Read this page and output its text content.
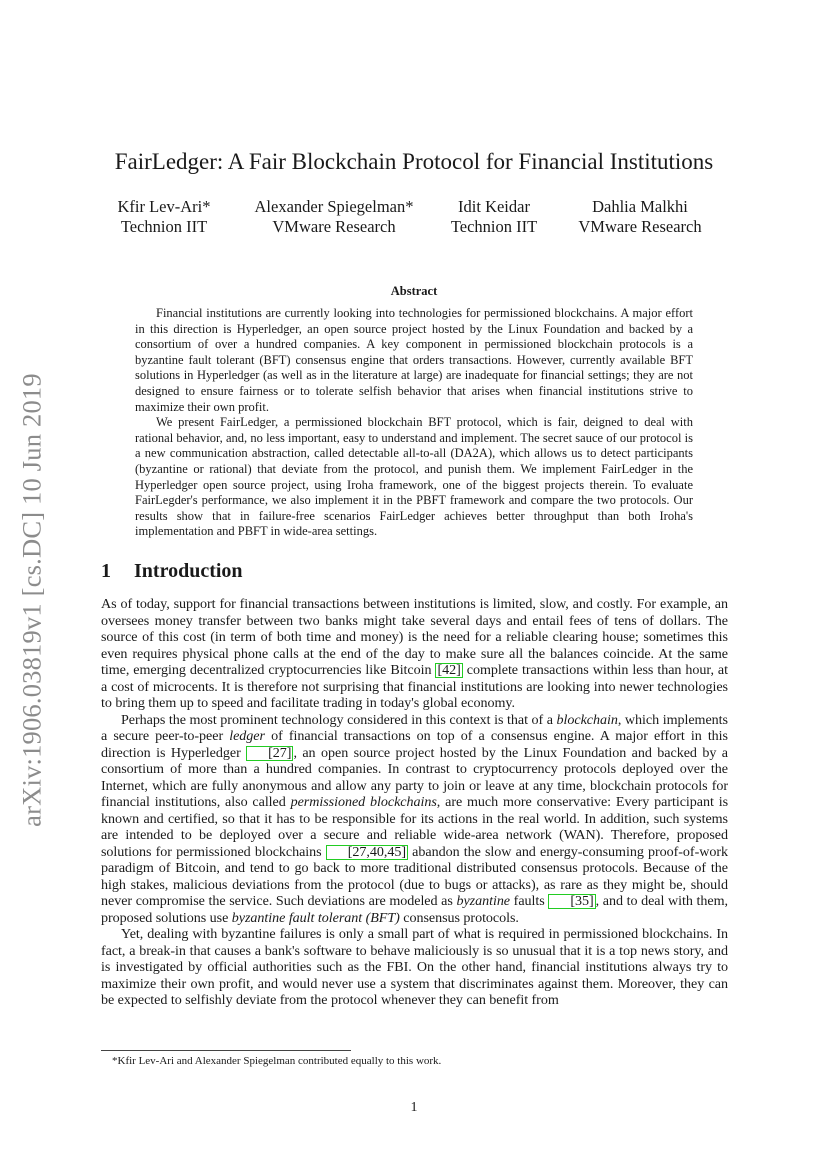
arXiv:1906.03819v1 [cs.DC] 10 Jun 2019
FairLedger: A Fair Blockchain Protocol for Financial Institutions
Kfir Lev-Ari*
Technion IIT
Alexander Spiegelman*
VMware Research
Idit Keidar
Technion IIT
Dahlia Malkhi
VMware Research
Abstract

Financial institutions are currently looking into technologies for permissioned blockchains. A major effort in this direction is Hyperledger, an open source project hosted by the Linux Foundation and backed by a consortium of over a hundred companies. A key component in permissioned blockchain protocols is a byzantine fault tolerant (BFT) consensus engine that orders transactions. However, currently available BFT solutions in Hyperledger (as well as in the literature at large) are inadequate for financial settings; they are not designed to ensure fairness or to tolerate selfish behavior that arises when financial institutions strive to maximize their own profit.

We present FairLedger, a permissioned blockchain BFT protocol, which is fair, deigned to deal with rational behavior, and, no less important, easy to understand and implement. The secret sauce of our protocol is a new communication abstraction, called detectable all-to-all (DA2A), which allows us to detect participants (byzantine or rational) that deviate from the protocol, and punish them. We implement FairLedger in the Hyperledger open source project, using Iroha framework, one of the biggest projects therein. To evaluate FairLegder's performance, we also implement it in the PBFT framework and compare the two protocols. Our results show that in failure-free scenarios FairLedger achieves better throughput than both Iroha's implementation and PBFT in wide-area settings.

1 Introduction

As of today, support for financial transactions between institutions is limited, slow, and costly. For example, an oversees money transfer between two banks might take several days and entail fees of tens of dollars. The source of this cost (in term of both time and money) is the need for a reliable clearing house; sometimes this even requires physical phone calls at the end of the day to make sure all the balances coincide. At the same time, emerging decentralized cryptocurrencies like Bitcoin [42] complete transactions within less than hour, at a cost of microcents. It is therefore not surprising that financial institutions are looking into newer technologies to bring them up to speed and facilitate trading in today's global economy.

Perhaps the most prominent technology considered in this context is that of a blockchain, which implements a secure peer-to-peer ledger of financial transactions on top of a consensus engine. A major effort in this direction is Hyperledger [27] , an open source project hosted by the Linux Foundation and backed by a consortium of more than a hundred companies. In contrast to cryptocurrency protocols deployed over the Internet, which are fully anonymous and allow any party to join or leave at any time, blockchain protocols for financial institutions, also called permissioned blockchains, are much more conservative: Every participant is known and certified, so that it has to be responsible for its actions in the real world. In addition, such systems are intended to be deployed over a secure and reliable wide-area network (WAN). Therefore, proposed solutions for permissioned blockchains [27,40,45] abandon the slow and energy-consuming proof-of-work paradigm of Bitcoin, and tend to go back to more traditional distributed consensus protocols. Because of the high stakes, malicious deviations from the protocol (due to bugs or attacks), as rare as they might be, should never compromise the service. Such deviations are modeled as byzantine faults [35] , and to deal with them, proposed solutions use byzantine fault tolerant (BFT) consensus protocols.

Yet, dealing with byzantine failures is only a small part of what is required in permissioned blockchains. In fact, a break-in that causes a bank's software to behave maliciously is so unusual that it is a top news story, and is investigated by official authorities such as the FBI. On the other hand, financial institutions always try to maximize their own profit, and would never use a system that discriminates against them. Moreover, they can be expected to selfishly deviate from the protocol whenever they can benefit from

*Kfir Lev-Ari and Alexander Spiegelman contributed equally to this work.
1
